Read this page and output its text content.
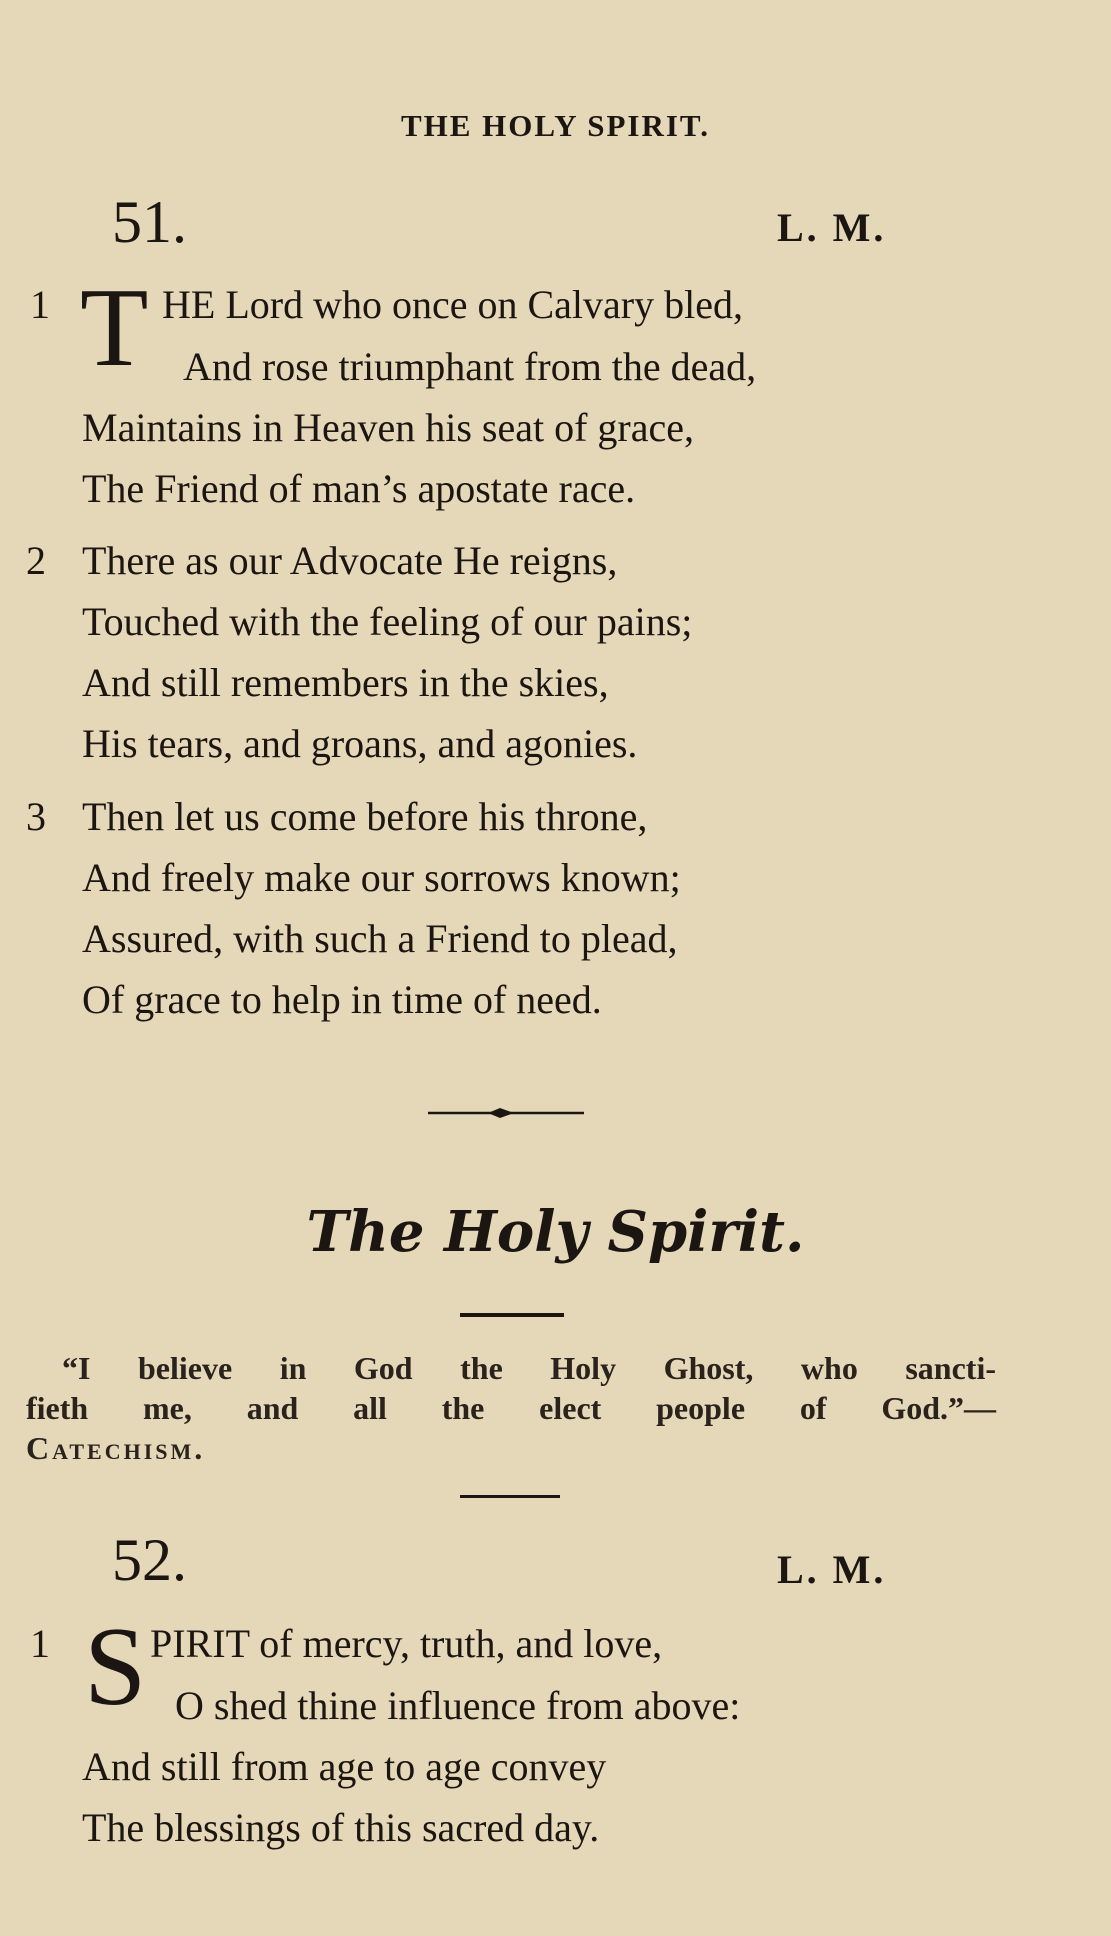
THE HOLY SPIRIT.
51.	L. M.
1 T HE Lord who once on Calvary bled,
And rose triumphant from the dead,
Maintains in Heaven his seat of grace,
The Friend of man’s apostate race.
2 There as our Advocate He reigns,
Touched with the feeling of our pains;
And still remembers in the skies,
His tears, and groans, and agonies.
3 Then let us come before his throne,
And freely make our sorrows known;
Assured, with such a Friend to plead,
Of grace to help in time of need.
The Holy Spirit.
“I believe in God the Holy Ghost, who sancti-
fieth me, and all the elect people of God.”—
Catechism.
52.	L. M.
1 S PIRIT of mercy, truth, and love,
O shed thine influence from above:
And still from age to age convey
The blessings of this sacred day.
